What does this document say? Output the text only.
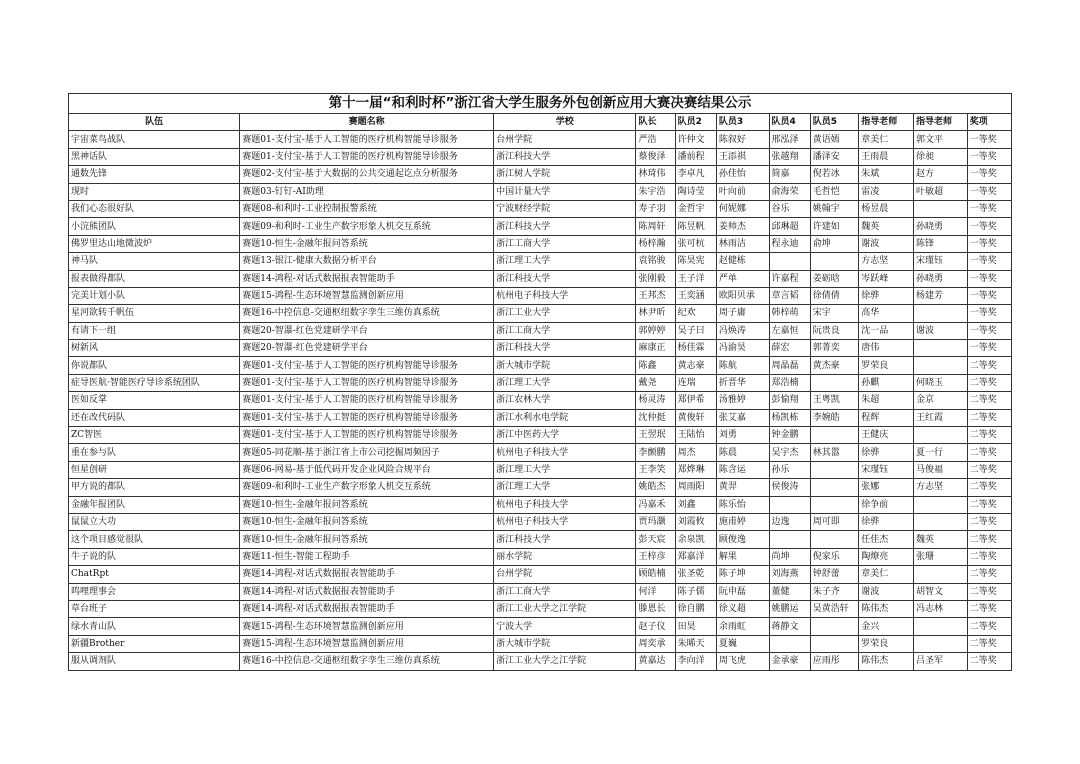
第十一届“和利时杯”浙江省大学生服务外包创新应用大赛决赛结果公示
队伍	赛题名称	学校	队长	队员2	队员3	队员4	队员5	指导老师	指导老师	奖项
宇宙菜鸟战队	赛题01-支付宝-基于人工智能的医疗机构智能导诊服务	台州学院	严浩	许仲文	陈叙好	邢泓泽	黄语嫣	章美仁	郭文平	一等奖
黑神话队	赛题01-支付宝-基于人工智能的医疗机构智能导诊服务	浙江科技大学	蔡俊泽	潘前程	王添祺	张越翔	潘泽安	王雨晨	徐昶	一等奖
通数先锋	赛题02-支付宝-基于大数据的公共交通起讫点分析服务	浙江树人学院	林琦伟	李卓凡	孙佳怡	简嘉	倪若冰	朱斌	赵方	一等奖
现时	赛题03-钉钉-AI助理	中国计量大学	朱宇浩	陶诗莹	叶向前	俞海荣	毛哲恺	雷凌	叶敏超	一等奖
我们心态很好队	赛题08-和利时-工业控制报警系统	宁波财经学院	寿子羽	金哲宇	何妮娜	谷乐	姚翰宇	杨昱晨		一等奖
小浣熊团队	赛题09-和利时-工业生产数字形象人机交互系统	浙江科技大学	陈周轩	陈昱帆	姜帅杰	邱琳超	许建如	魏英	孙晓勇	一等奖
佛罗里达山地微波炉	赛题10-恒生-金融年报问答系统	浙江工商大学	杨梓瀚	张可杭	林雨洁	程永迪	俞坤	谢波	陈锋	一等奖
神马队	赛题13-银江-健康大数据分析平台	浙江理工大学	袁铭骏	陈昊宪	赵健栋			方志坚	宋瑾钰	一等奖
报表做得都队	赛题14-鸿程-对话式数据报表智能助手	浙江科技大学	张刚毅	王子洋	严单	许嘉程	姜砺晗	岑跃峰	孙晓勇	一等奖
完美计划小队	赛题15-鸿程-生态环境智慧监测创新应用	杭州电子科技大学	王邦杰	王奕涵	欧阳贝承	章言韬	徐倩倩	徐骅	杨建芳	一等奖
星河欲转千帆伍	赛题16-中控信息-交通枢纽数字孪生三维仿真系统	浙江工业大学	林尹昕	纪欢	周子庸	韩梓萌	宋宇	高华		一等奖
有请下一组	赛题20-智瀑-红色党建研学平台	浙江工商大学	郭婷婷	吴子曰	冯焕涛	左嘉恒	阮贵良	沈一品	谢波	一等奖
树新风	赛题20-智瀑-红色党建研学平台	浙江科技大学	麻康正	杨佳霖	冯渝昊	薛宏	郭菁奕	唐伟		一等奖
你说都队	赛题01-支付宝-基于人工智能的医疗机构智能导诊服务	浙大城市学院	陈鑫	黄志豪	陈航	周晶磊	黄杰豪	罗荣良		二等奖
症导医航·智能医疗导诊系统团队	赛题01-支付宝-基于人工智能的医疗机构智能导诊服务	浙江理工大学	戴尧	连瑞	折晋华	郑浩楠		孙麒	何晓玉	二等奖
医如反掌	赛题01-支付宝-基于人工智能的医疗机构智能导诊服务	浙江农林大学	杨灵涛	郑伊希	汤雅婷	彭愉翔	王粤凯	朱超	金京	二等奖
还在改代码队	赛题01-支付宝-基于人工智能的医疗机构智能导诊服务	浙江水利水电学院	沈仲挺	黄俊轩	张艾嘉	杨凯栋	李婉皓	程辉	王红霞	二等奖
ZC智医	赛题01-支付宝-基于人工智能的医疗机构智能导诊服务	浙江中医药大学	王翌珉	王陆怡	刘勇	钟金鹏		王健庆		二等奖
重在参与队	赛题05-同花顺-基于浙江省上市公司挖掘周频因子	杭州电子科技大学	李颤鹏	周杰	陈晨	吴宇杰	林其嚣	徐骅	夏一行	二等奖
恒星创研	赛题06-网易-基于低代码开发企业风险合规平台	浙江理工大学	王李笑	郑烨琳	陈含运	孙乐		宋瑾钰	马俊福	二等奖
甲方说的都队	赛题09-和利时-工业生产数字形象人机交互系统	浙江理工大学	姚皓杰	周雨阳	黄羿	侯俊涛		张娜	方志坚	二等奖
金融年报团队	赛题10-恒生-金融年报问答系统	杭州电子科技大学	冯嘉禾	刘鑫	陈乐怡			徐争前		二等奖
鼠鼠立大功	赛题10-恒生-金融年报问答系统	杭州电子科技大学	贾玛灏	刘霞攸	施甫婷	边逸	周可即	徐骅		二等奖
这个项目感觉很队	赛题10-恒生-金融年报问答系统	浙江科技大学	彭天宸	余泉凯	顾俊逸			任佳杰	魏英	二等奖
牛子说的队	赛题11-恒生-智能工程助手	丽水学院	王梓彦	郑嘉洋	解果	尚坤	倪家乐	陶燎亮	张珊	二等奖
ChatRpt	赛题14-鸿程-对话式数据报表智能助手	台州学院	顾皓楠	张圣乾	陈子坤	刘海燕	钟舒蕾	章美仁		二等奖
鸣哩理事会	赛题14-鸿程-对话式数据报表智能助手	浙江工商大学	何洋	陈子儒	阮申磊	董健	朱子齐	谢波	胡智文	二等奖
草台班子	赛题14-鸿程-对话式数据报表智能助手	浙江工业大学之江学院	滕恩长	徐自鹏	徐义超	姚鹏运	吴黄浩轩	陈伟杰	冯志林	二等奖
绿水青山队	赛题15-鸿程-生态环境智慧监测创新应用	宁波大学	赵子仪	田昊	余雨虹	蒋静文		金兴		二等奖
新疆Brother	赛题15-鸿程-生态环境智慧监测创新应用	浙大城市学院	周奕承	朱晞天	夏巍			罗荣良		二等奖
服从调剂队	赛题16-中控信息-交通枢纽数字孪生三维仿真系统	浙江工业大学之江学院	黄嘉达	李向洋	周飞虎	金承豪	应雨彤	陈伟杰	吕圣军	二等奖
